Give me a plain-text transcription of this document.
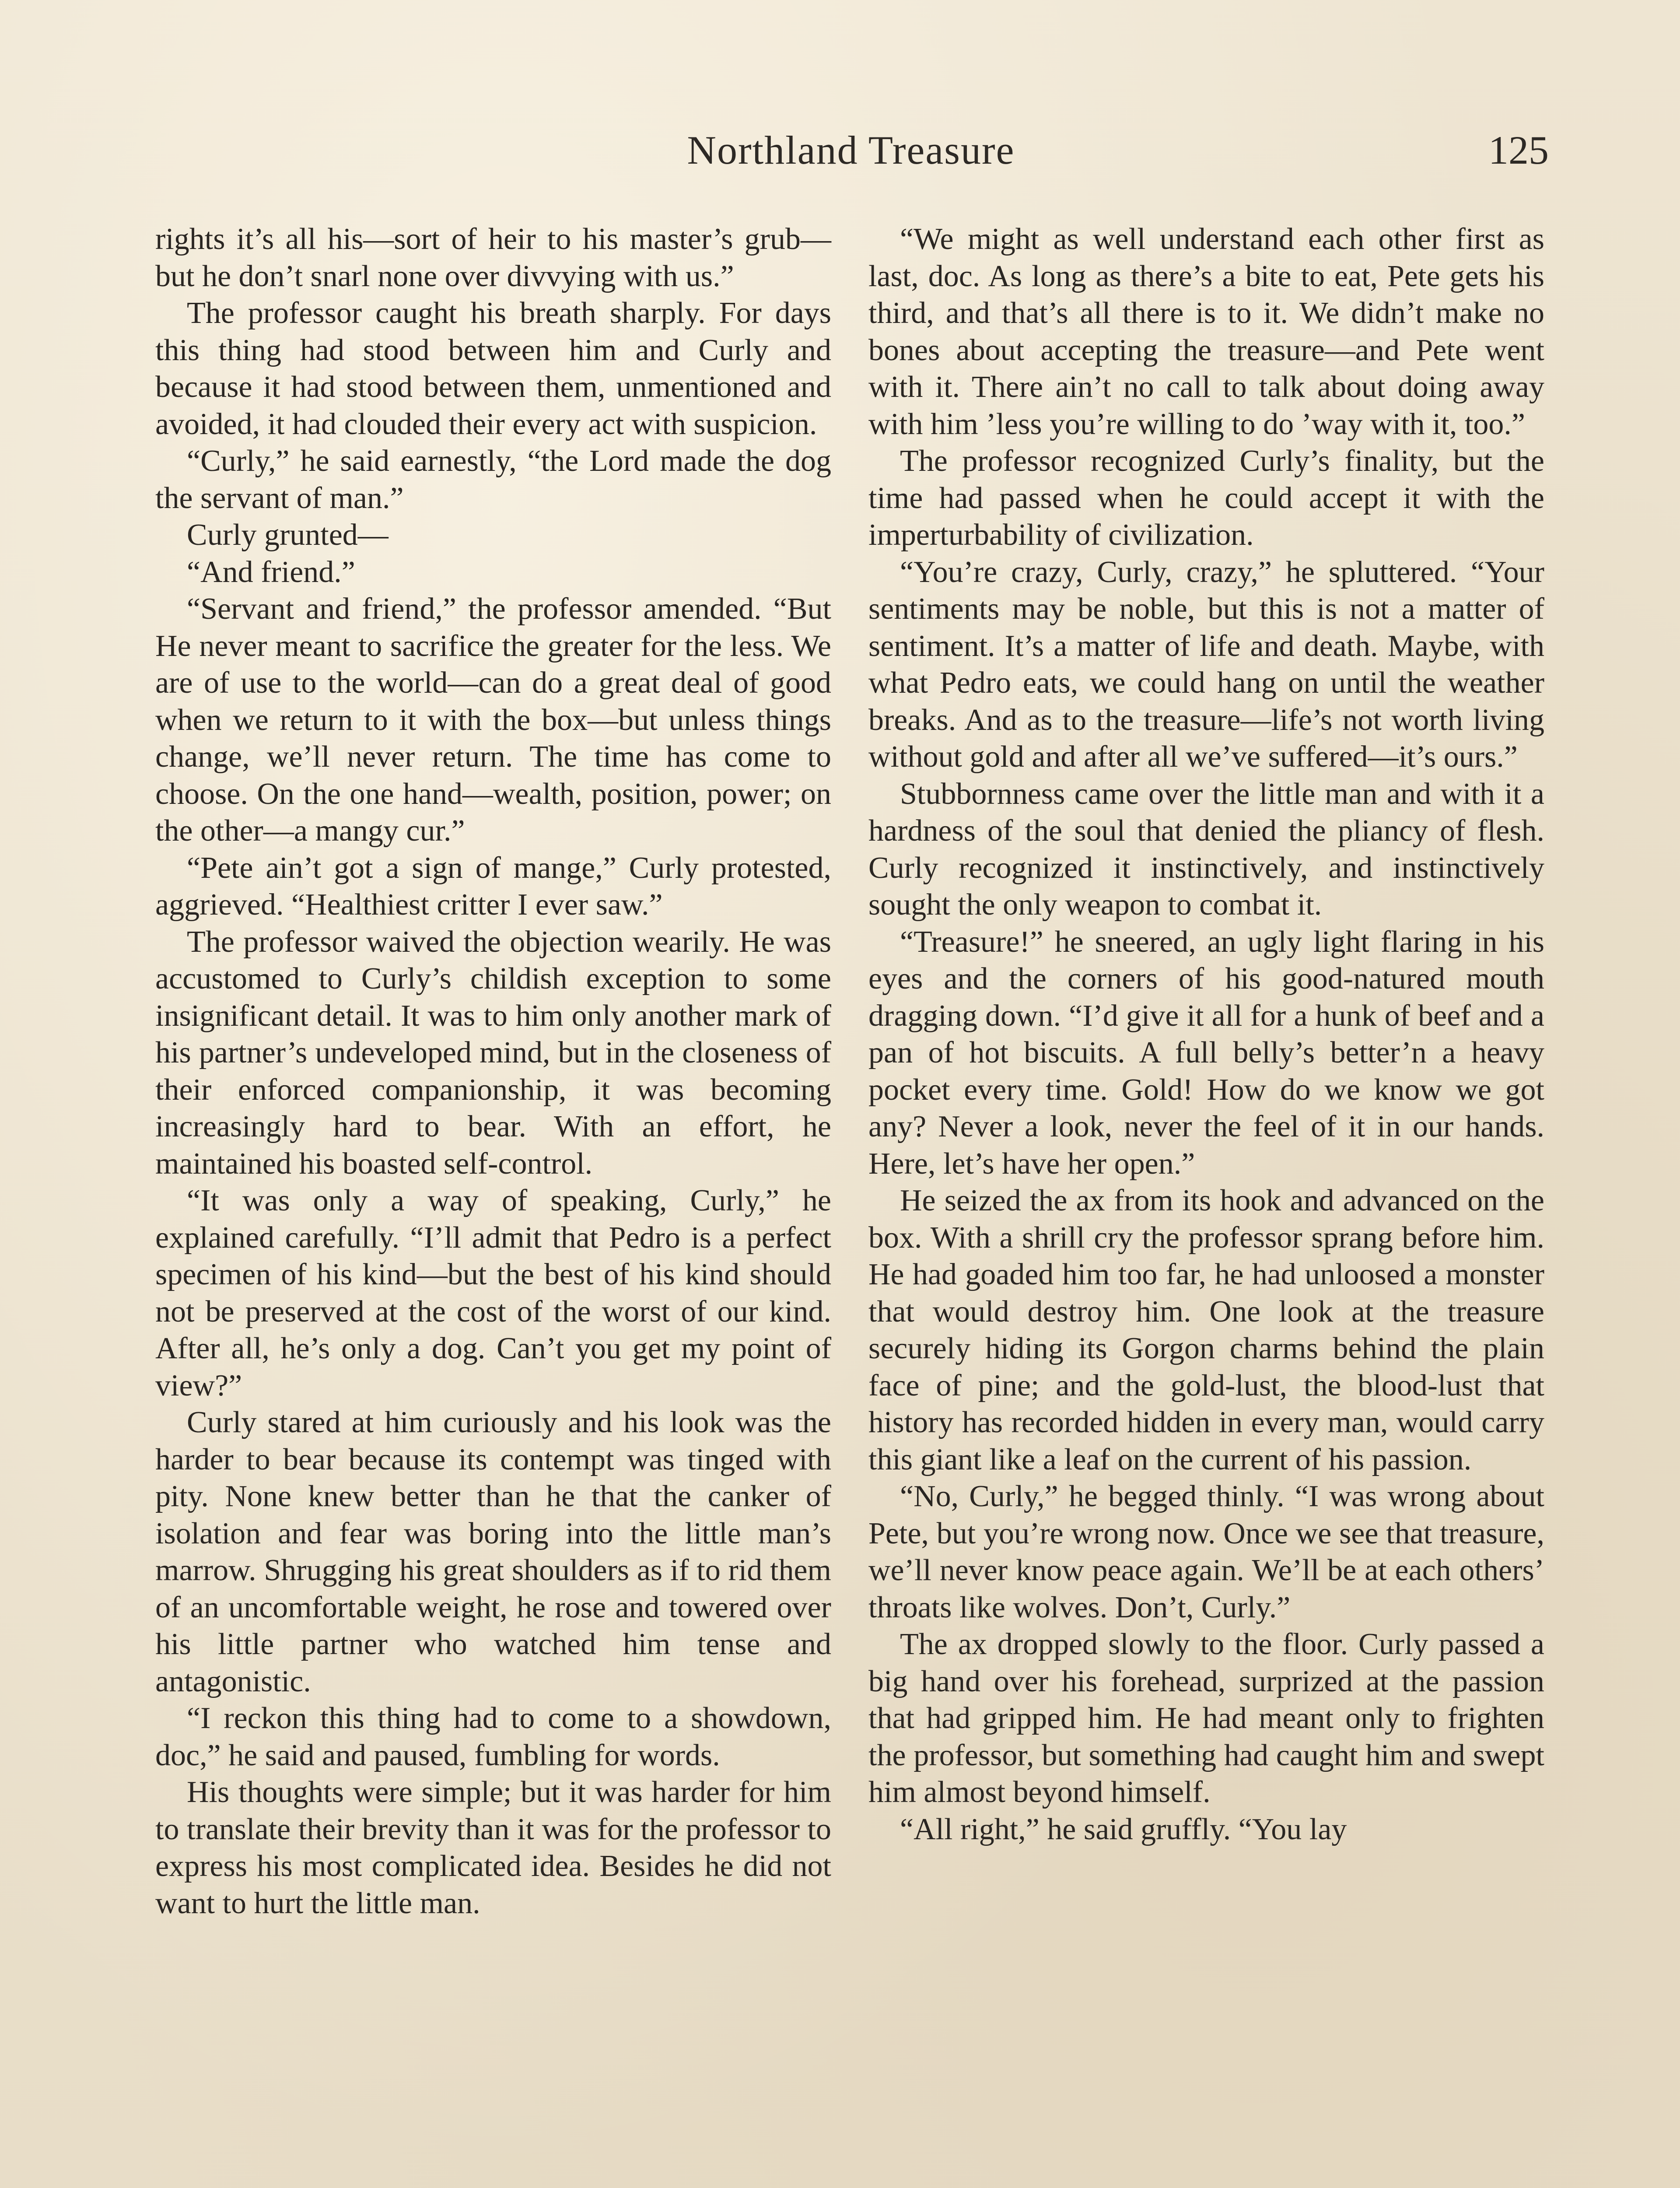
Northland Treasure	125

rights it’s all his—sort of heir to his master’s grub—but he don’t snarl none over divvying with us.”

The professor caught his breath sharply. For days this thing had stood between him and Curly and because it had stood between them, unmentioned and avoided, it had clouded their every act with suspicion.

“Curly,” he said earnestly, “the Lord made the dog the servant of man.”

Curly grunted—

“And friend.”

“Servant and friend,” the professor amended. “But He never meant to sacrifice the greater for the less. We are of use to the world—can do a great deal of good when we return to it with the box—but unless things change, we’ll never return. The time has come to choose. On the one hand—wealth, position, power; on the other—a mangy cur.”

“Pete ain’t got a sign of mange,” Curly protested, aggrieved. “Healthiest critter I ever saw.”

The professor waived the objection wearily. He was accustomed to Curly’s childish exception to some insignificant detail. It was to him only another mark of his partner’s undeveloped mind, but in the closeness of their enforced companionship, it was becoming increasingly hard to bear. With an effort, he maintained his boasted self-control.

“It was only a way of speaking, Curly,” he explained carefully. “I’ll admit that Pedro is a perfect specimen of his kind—but the best of his kind should not be preserved at the cost of the worst of our kind. After all, he’s only a dog. Can’t you get my point of view?”

Curly stared at him curiously and his look was the harder to bear because its contempt was tinged with pity. None knew better than he that the canker of isolation and fear was boring into the little man’s marrow. Shrugging his great shoulders as if to rid them of an uncomfortable weight, he rose and towered over his little partner who watched him tense and antagonistic.

“I reckon this thing had to come to a showdown, doc,” he said and paused, fumbling for words.

His thoughts were simple; but it was harder for him to translate their brevity than it was for the professor to express his most complicated idea. Besides he did not want to hurt the little man.

“We might as well understand each other first as last, doc. As long as there’s a bite to eat, Pete gets his third, and that’s all there is to it. We didn’t make no bones about accepting the treasure—and Pete went with it. There ain’t no call to talk about doing away with him ’less you’re willing to do ’way with it, too.”

The professor recognized Curly’s finality, but the time had passed when he could accept it with the imperturbability of civilization.

“You’re crazy, Curly, crazy,” he spluttered. “Your sentiments may be noble, but this is not a matter of sentiment. It’s a matter of life and death. Maybe, with what Pedro eats, we could hang on until the weather breaks. And as to the treasure—life’s not worth living without gold and after all we’ve suffered—it’s ours.”

Stubbornness came over the little man and with it a hardness of the soul that denied the pliancy of flesh. Curly recognized it instinctively, and instinctively sought the only weapon to combat it.

“Treasure!” he sneered, an ugly light flaring in his eyes and the corners of his good-natured mouth dragging down. “I’d give it all for a hunk of beef and a pan of hot biscuits. A full belly’s better’n a heavy pocket every time. Gold! How do we know we got any? Never a look, never the feel of it in our hands. Here, let’s have her open.”

He seized the ax from its hook and advanced on the box. With a shrill cry the professor sprang before him. He had goaded him too far, he had unloosed a monster that would destroy him. One look at the treasure securely hiding its Gorgon charms behind the plain face of pine; and the gold-lust, the blood-lust that history has recorded hidden in every man, would carry this giant like a leaf on the current of his passion.

“No, Curly,” he begged thinly. “I was wrong about Pete, but you’re wrong now. Once we see that treasure, we’ll never know peace again. We’ll be at each others’ throats like wolves. Don’t, Curly.”

The ax dropped slowly to the floor. Curly passed a big hand over his forehead, surprized at the passion that had gripped him. He had meant only to frighten the professor, but something had caught him and swept him almost beyond himself.

“All right,” he said gruffly. “You lay
